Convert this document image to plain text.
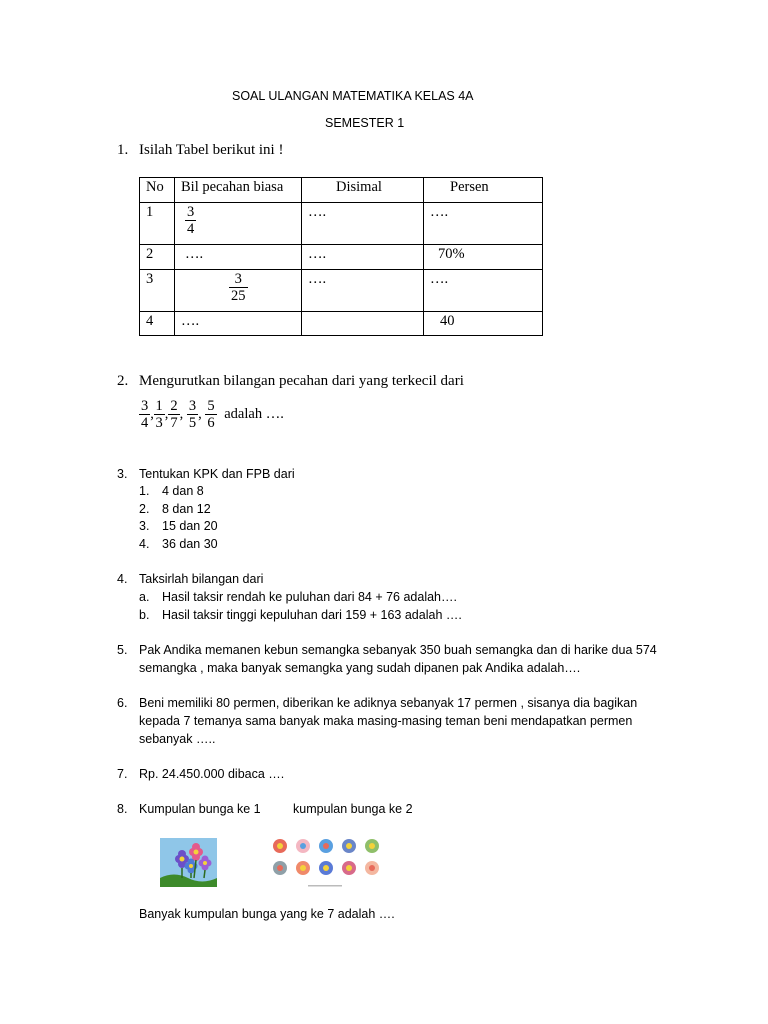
SOAL ULANGAN MATEMATIKA KELAS 4A
SEMESTER 1
1. Isilah Tabel berikut ini !
No	Bil pecahan biasa	Disimal	Persen
1	$\frac{3}{4}$	….	….
2	….	….	70%
3	$\frac{3}{25}$	….	….
4	….		40
2. Mengurutkan bilangan pecahan dari yang terkecil dari
$\frac{3}{4}$ ,
$\frac{1}{3}$ , $\frac{2}{7}$ , $\frac{3}{5}$ , $\frac{5}{6}$ adalah ….
3. Tentukan KPK dan FPB dari
1. 4 dan 8
2. 8 dan 12
3. 15 dan 20
4. 36 dan 30
4. Taksirlah bilangan dari
a. Hasil taksir rendah ke puluhan dari 84 + 76 adalah….
b. Hasil taksir tinggi kepuluhan dari 159 + 163 adalah ….
5. Pak Andika memanen kebun semangka sebanyak 350 buah semangka dan di harike dua 574
semangka , maka banyak semangka yang sudah dipanen pak Andika adalah….
6. Beni memiliki 80 permen, diberikan ke adiknya sebanyak 17 permen , sisanya dia bagikan
kepada 7 temanya sama banyak maka masing-masing teman beni mendapatkan permen
sebanyak …..
7. Rp. 24.450.000 dibaca ….
8. Kumpulan bunga ke 1	kumpulan bunga ke 2
Banyak kumpulan bunga yang ke 7 adalah ….
